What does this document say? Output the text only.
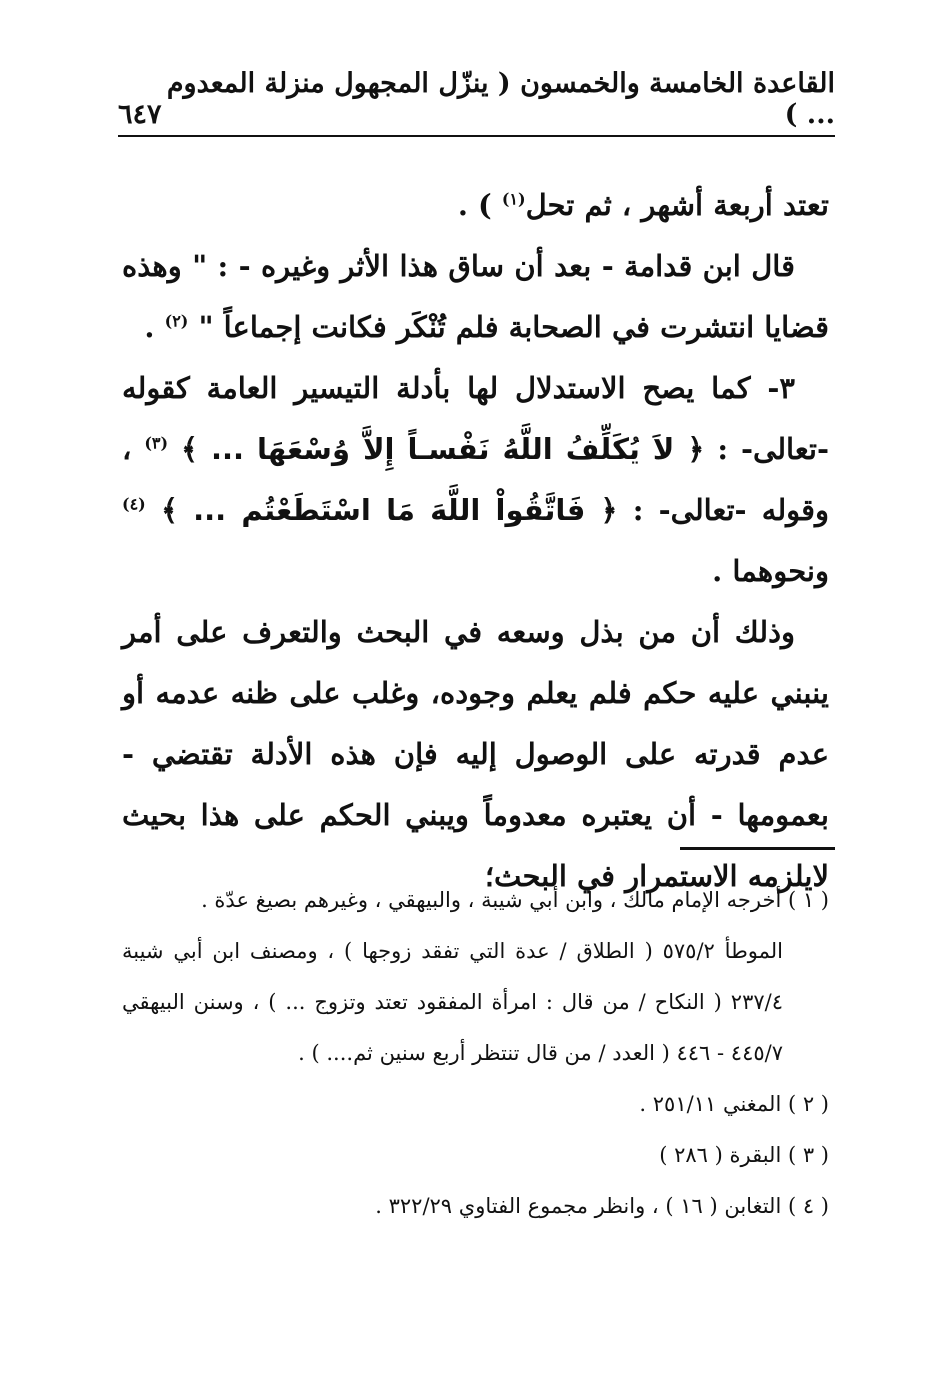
القاعدة الخامسة والخمسون ( ينزّل المجهول منزلة المعدوم ... )
٦٤٧

تعتد أربعة أشهر ، ثم تحل$^{(١)}$ ) .

قال ابن قدامة - بعد أن ساق هذا الأثر وغيره - : " وهذه قضايا انتشرت في الصحابة فلم تُنْكَر فكانت إجماعاً " $^{(٢)}$ .

٣- كما يصح الاستدلال لها بأدلة التيسير العامة كقوله -تعالى- : ﴿ لاَ يُكَلِّفُ اللَّهُ نَفْسـاً إِلاَّ وُسْعَهَا ... ﴾ $^{(٣)}$ ، وقوله -تعالى- : ﴿ فَاتَّقُواْ اللَّهَ مَا اسْتَطَعْتُم ... ﴾ $^{(٤)}$ ونحوهما .

وذلك أن من بذل وسعه في البحث والتعرف على أمر ينبني عليه حكم فلم يعلم وجوده، وغلب على ظنه عدمه أو عدم قدرته على الوصول إليه فإن هذه الأدلة تقتضي - بعمومها - أن يعتبره معدوماً ويبني الحكم على هذا بحيث لايلزمه الاستمرار في البحث؛

( ١ ) أخرجه الإمام مالك ، وابن أبي شيبة ، والبيهقي ، وغيرهم بصيغ عدّة .

الموطأ ٥٧٥/٢ ( الطلاق / عدة التي تفقد زوجها ) ، ومصنف ابن أبي شيبة ٢٣٧/٤ ( النكاح / من قال : امرأة المفقود تعتد وتزوج ... ) ، وسنن البيهقي ٤٤٥/٧ - ٤٤٦ ( العدد / من قال تنتظر أربع سنين ثم.... ) .

( ٢ ) المغني ٢٥١/١١ .

( ٣ ) البقرة ( ٢٨٦ )

( ٤ ) التغابن ( ١٦ ) ، وانظر مجموع الفتاوي ٣٢٢/٢٩ .
